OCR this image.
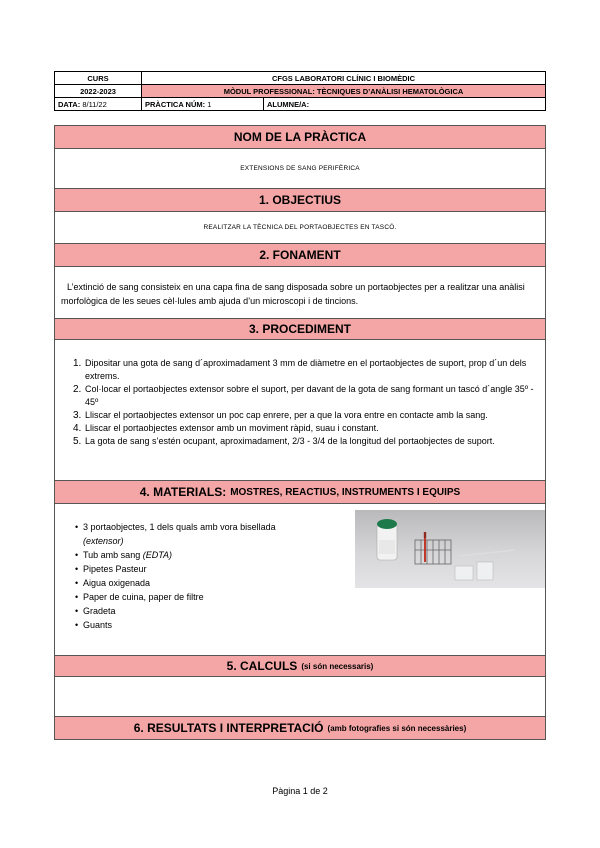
CURS	CFGS LABORATORI CLÍNIC I BIOMÈDIC	
2022-2023	MÒDUL PROFESSIONAL: TÈCNIQUES D’ANÀLISI HEMATOLÒGICA	
DATA: 8/11/22	PRÀCTICA NÚM: 1	ALUMNE/A:
NOM DE LA PRÀCTICA
EXTENSIONS DE SANG PERIFÈRICA
1. OBJECTIUS
REALITZAR LA TÈCNICA DEL PORTAOBJECTES EN TASCÓ.
2. FONAMENT
L’extinció de sang consisteix en una capa fina de sang disposada sobre un portaobjectes per a realitzar una anàlisi morfològica de les seues cèl·lules amb ajuda d’un microscopi i de tincions.
3. PROCEDIMENT
1. Dipositar una gota de sang d´aproximadament 3 mm de diàmetre en el portaobjectes de suport, prop d´un dels extrems.
2. Col·locar el portaobjectes extensor sobre el suport, per davant de la gota de sang formant un tascó d´angle 35º - 45º
3. Lliscar el portaobjectes extensor un poc cap enrere, per a que la vora entre en contacte amb la sang.
4. Lliscar el portaobjectes extensor amb un moviment ràpid, suau i constant.
5. La gota de sang s’estén ocupant, aproximadament, 2/3 - 3/4 de la longitud del portaobjectes de suport.
4. MATERIALS: MOSTRES, REACTIUS, INSTRUMENTS I EQUIPS
• 3 portaobjectes, 1 dels quals amb vora bisellada
(extensor)
• Tub amb sang (EDTA)
• Pipetes Pasteur
• Aigua oxigenada
• Paper de cuina, paper de filtre
• Gradeta
• Guants
5. CALCULS (si són necessaris)
6. RESULTATS I INTERPRETACIÓ (amb fotografies si són necessàries)
Pàgina 1 de 2
